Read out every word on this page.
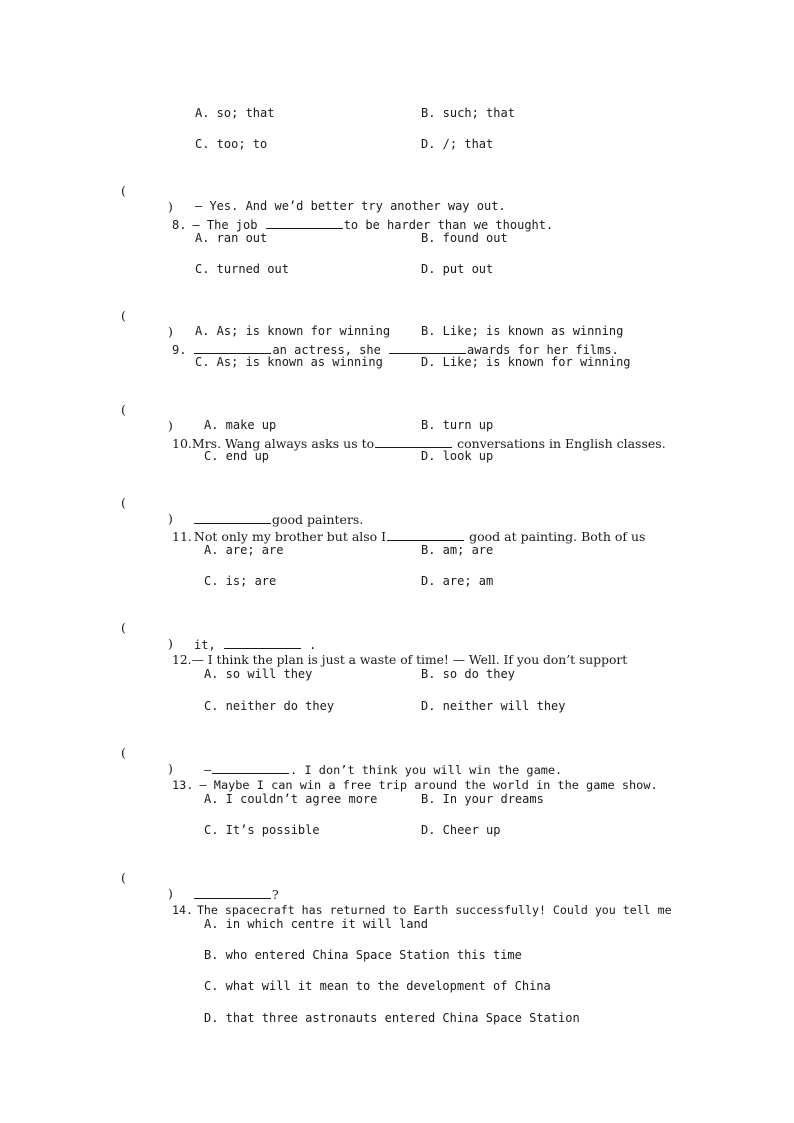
A. so; that	B. such; that
C. too; to	D. /; that

(

)

8. — The job	to be harder than we thought.

— Yes. And we’d better try another way out.
A. ran out	B. found out
C. turned out	D. put out

(

)

9.	an actress, she	awards for her films.

A. As; is known for winning	B. Like; is known as winning
C. As; is known as winning	D. Like; is known for winning

(

)

10.Mrs. Wang always asks us to	conversations in English classes.

A. make up	B. turn up
C. end up	D. look up

(

)

11. Not only my brother but also I	good at painting. Both of us

good painters.
A. are; are	B. am; are
C. is; are	D. are; am

(

)

12.— I think the plan is just a waste of time! — Well. If you don’t support

it,	.
A. so will they	B. so do they
C. neither do they	D. neither will they

(

)

13. — Maybe I can win a free trip around the world in the game show.

—	. I don’t think you will win the game.
A. I couldn’t agree more	B. In your dreams
C. It’s possible	D. Cheer up

(

)

14. The spacecraft has returned to Earth successfully! Could you tell me

?
A. in which centre it will land
B. who entered China Space Station this time
C. what will it mean to the development of China
D. that three astronauts entered China Space Station
